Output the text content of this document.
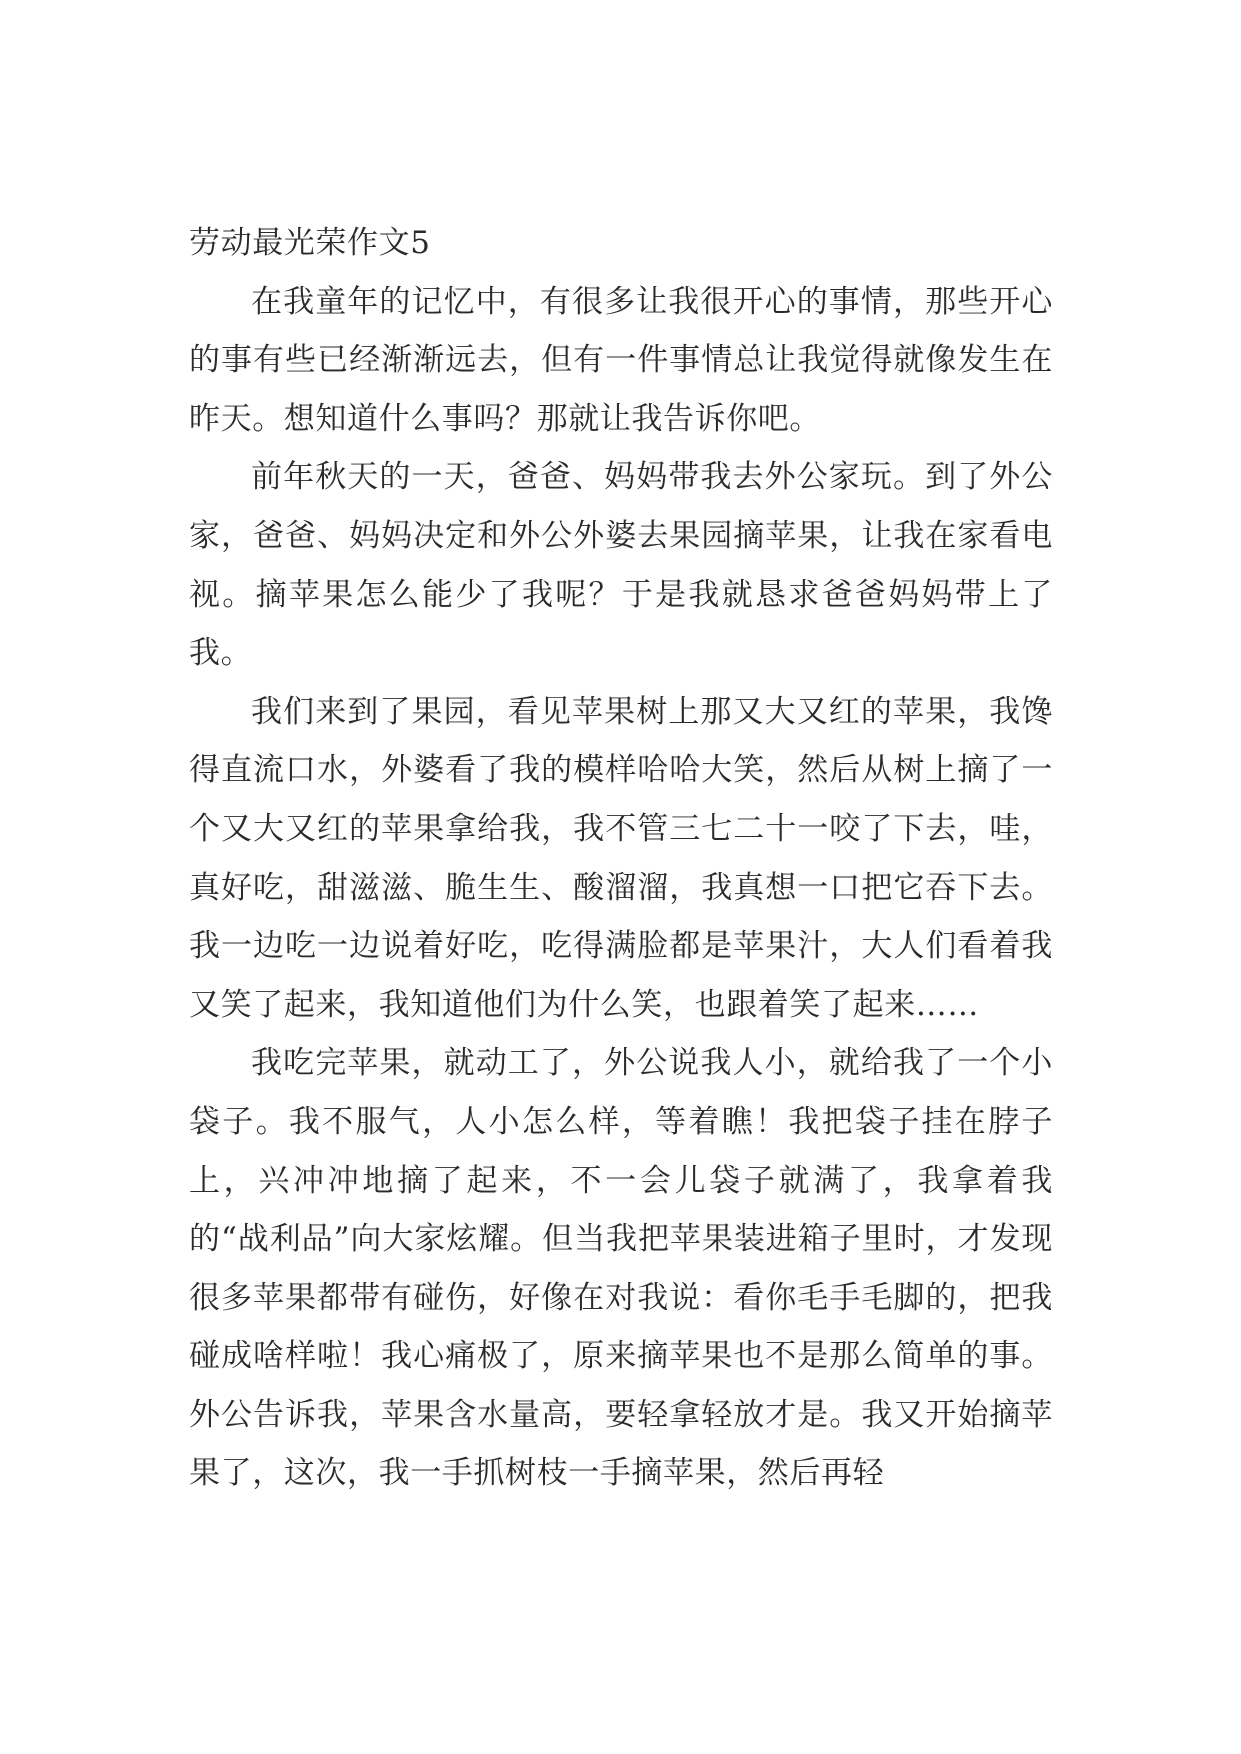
劳动最光荣作文5

在我童年的记忆中，有很多让我很开心的事情，那些开心的事有些已经渐渐远去，但有一件事情总让我觉得就像发生在昨天。想知道什么事吗？那就让我告诉你吧。

前年秋天的一天，爸爸、妈妈带我去外公家玩。到了外公家，爸爸、妈妈决定和外公外婆去果园摘苹果，让我在家看电视。摘苹果怎么能少了我呢？于是我就恳求爸爸妈妈带上了我。

我们来到了果园，看见苹果树上那又大又红的苹果，我馋得直流口水，外婆看了我的模样哈哈大笑，然后从树上摘了一个又大又红的苹果拿给我，我不管三七二十一咬了下去，哇，真好吃，甜滋滋、脆生生、酸溜溜，我真想一口把它吞下去。我一边吃一边说着好吃，吃得满脸都是苹果汁，大人们看着我又笑了起来，我知道他们为什么笑，也跟着笑了起来……

我吃完苹果，就动工了，外公说我人小，就给我了一个小袋子。我不服气，人小怎么样，等着瞧！我把袋子挂在脖子上，兴冲冲地摘了起来，不一会儿袋子就满了，我拿着我的“战利品”向大家炫耀。但当我把苹果装进箱子里时，才发现很多苹果都带有碰伤，好像在对我说：看你毛手毛脚的，把我碰成啥样啦！我心痛极了，原来摘苹果也不是那么简单的事。外公告诉我，苹果含水量高，要轻拿轻放才是。我又开始摘苹果了，这次，我一手抓树枝一手摘苹果，然后再轻
